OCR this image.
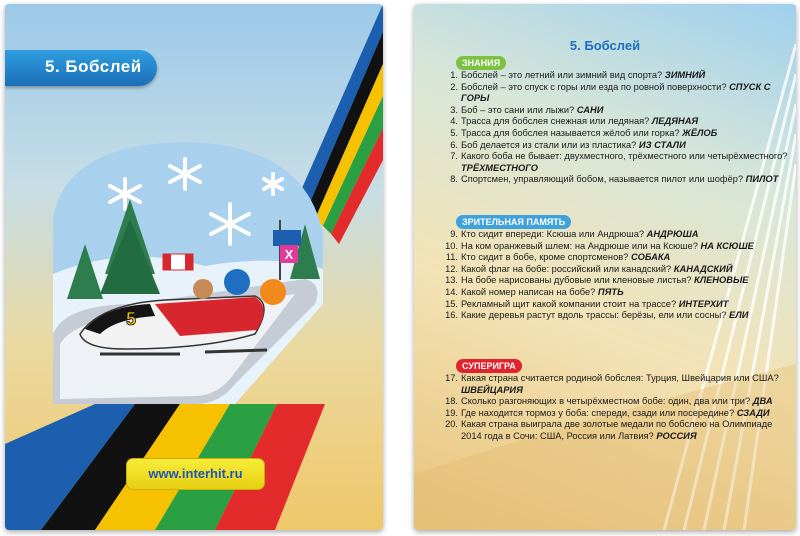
X
5
5. Бобслей
www.interhit.ru
5. Бобслей
ЗНАНИЯ
ЗРИТЕЛЬНАЯ ПАМЯТЬ
СУПЕРИГРА
1. Бобслей – это летний или зимний вид спорта? ЗИМНИЙ
2. Бобслей – это спуск с горы или езда по ровной поверхности? СПУСК С ГОРЫ
3. Боб – это сани или лыжи? САНИ
4. Трасса для бобслея снежная или ледяная? ЛЕДЯНАЯ
5. Трасса для бобслея называется жёлоб или горка? ЖЁЛОБ
6. Боб делается из стали или из пластика? ИЗ СТАЛИ
7. Какого боба не бывает: двухместного, трёхместного или четырёхместного? ТРЁХМЕСТНОГО
8. Спортсмен, управляющий бобом, называется пилот или шофёр? ПИЛОТ
9. Кто сидит впереди: Ксюша или Андрюша? АНДРЮША
10. На ком оранжевый шлем: на Андрюше или на Ксюше? НА КСЮШЕ
11. Кто сидит в бобе, кроме спортсменов? СОБАКА
12. Какой флаг на бобе: российский или канадский? КАНАДСКИЙ
13. На бобе нарисованы дубовые или кленовые листья? КЛЕНОВЫЕ
14. Какой номер написан на бобе? ПЯТЬ
15. Рекламный щит какой компании стоит на трассе? ИНТЕРХИТ
16. Какие деревья растут вдоль трассы: берёзы, ели или сосны? ЕЛИ
17. Какая страна считается родиной бобслея: Турция, Швейцария или США? ШВЕЙЦАРИЯ
18. Сколько разгоняющих в четырёхместном бобе: один, два или три? ДВА
19. Где находится тормоз у боба: спереди, сзади или посередине? СЗАДИ
20. Какая страна выиграла две золотые медали по бобслею на Олимпиаде 2014 года в Сочи: США, Россия или Латвия? РОССИЯ
